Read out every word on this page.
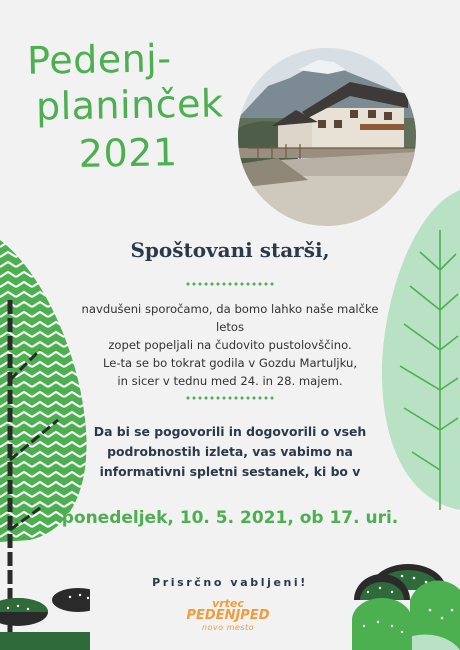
Pedenj-
planinček
2021
Spoštovani starši,
navdušeni sporočamo, da bomo lahko naše malčke letos
zopet popeljali na čudovito pustolovščino.
Le-ta se bo tokrat godila v Gozdu Martuljku,
in sicer v tednu med 24. in 28. majem.
Da bi se pogovorili in dogovorili o vseh
podrobnostih izleta, vas vabimo na
informativni spletni sestanek, ki bo v
ponedeljek, 10. 5. 2021, ob 17. uri.
Prisrčno vabljeni!
vrtec
PEDENJPED
novo mesto
